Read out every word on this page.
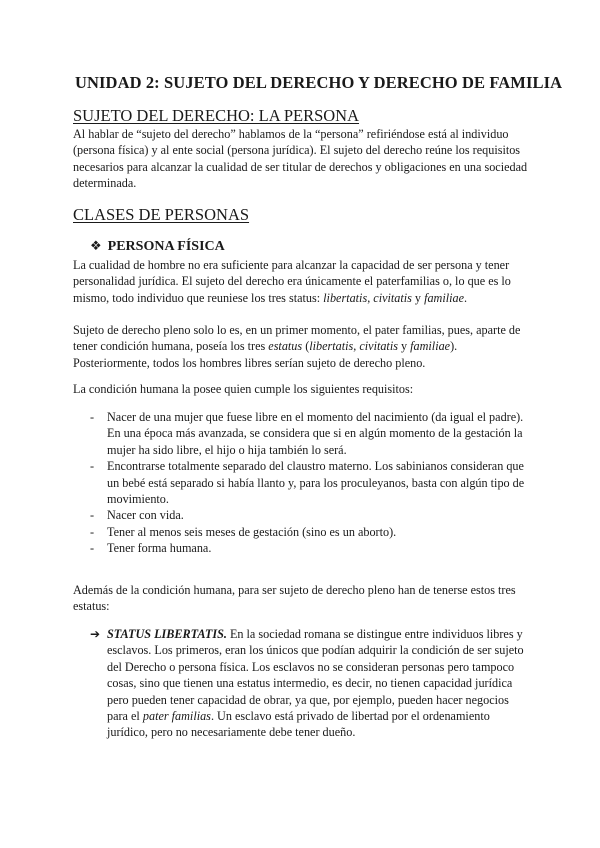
UNIDAD 2: SUJETO DEL DERECHO Y DERECHO DE FAMILIA
SUJETO DEL DERECHO: LA PERSONA
Al hablar de “sujeto del derecho” hablamos de la “persona” refiriéndose está al individuo (persona física) y al ente social (persona jurídica). El sujeto del derecho reúne los requisitos necesarios para alcanzar la cualidad de ser titular de derechos y obligaciones en una sociedad determinada.
CLASES DE PERSONAS
❖ PERSONA FÍSICA
La cualidad de hombre no era suficiente para alcanzar la capacidad de ser persona y tener personalidad jurídica. El sujeto del derecho era únicamente el paterfamilias o, lo que es lo mismo, todo individuo que reuniese los tres status: libertatis, civitatis y familiae.
Sujeto de derecho pleno solo lo es, en un primer momento, el pater familias, pues, aparte de tener condición humana, poseía los tres estatus (libertatis, civitatis y familiae). Posteriormente, todos los hombres libres serían sujeto de derecho pleno.
La condición humana la posee quien cumple los siguientes requisitos:
- Nacer de una mujer que fuese libre en el momento del nacimiento (da igual el padre). En una época más avanzada, se considera que si en algún momento de la gestación la mujer ha sido libre, el hijo o hija también lo será.
- Encontrarse totalmente separado del claustro materno. Los sabinianos consideran que un bebé está separado si había llanto y, para los proculeyanos, basta con algún tipo de movimiento.
- Nacer con vida.
- Tener al menos seis meses de gestación (sino es un aborto).
- Tener forma humana.
Además de la condición humana, para ser sujeto de derecho pleno han de tenerse estos tres estatus:
➔ STATUS LIBERTATIS. En la sociedad romana se distingue entre individuos libres y esclavos. Los primeros, eran los únicos que podían adquirir la condición de ser sujeto del Derecho o persona física. Los esclavos no se consideran personas pero tampoco cosas, sino que tienen una estatus intermedio, es decir, no tienen capacidad jurídica pero pueden tener capacidad de obrar, ya que, por ejemplo, pueden hacer negocios para el pater familias. Un esclavo está privado de libertad por el ordenamiento jurídico, pero no necesariamente debe tener dueño.
